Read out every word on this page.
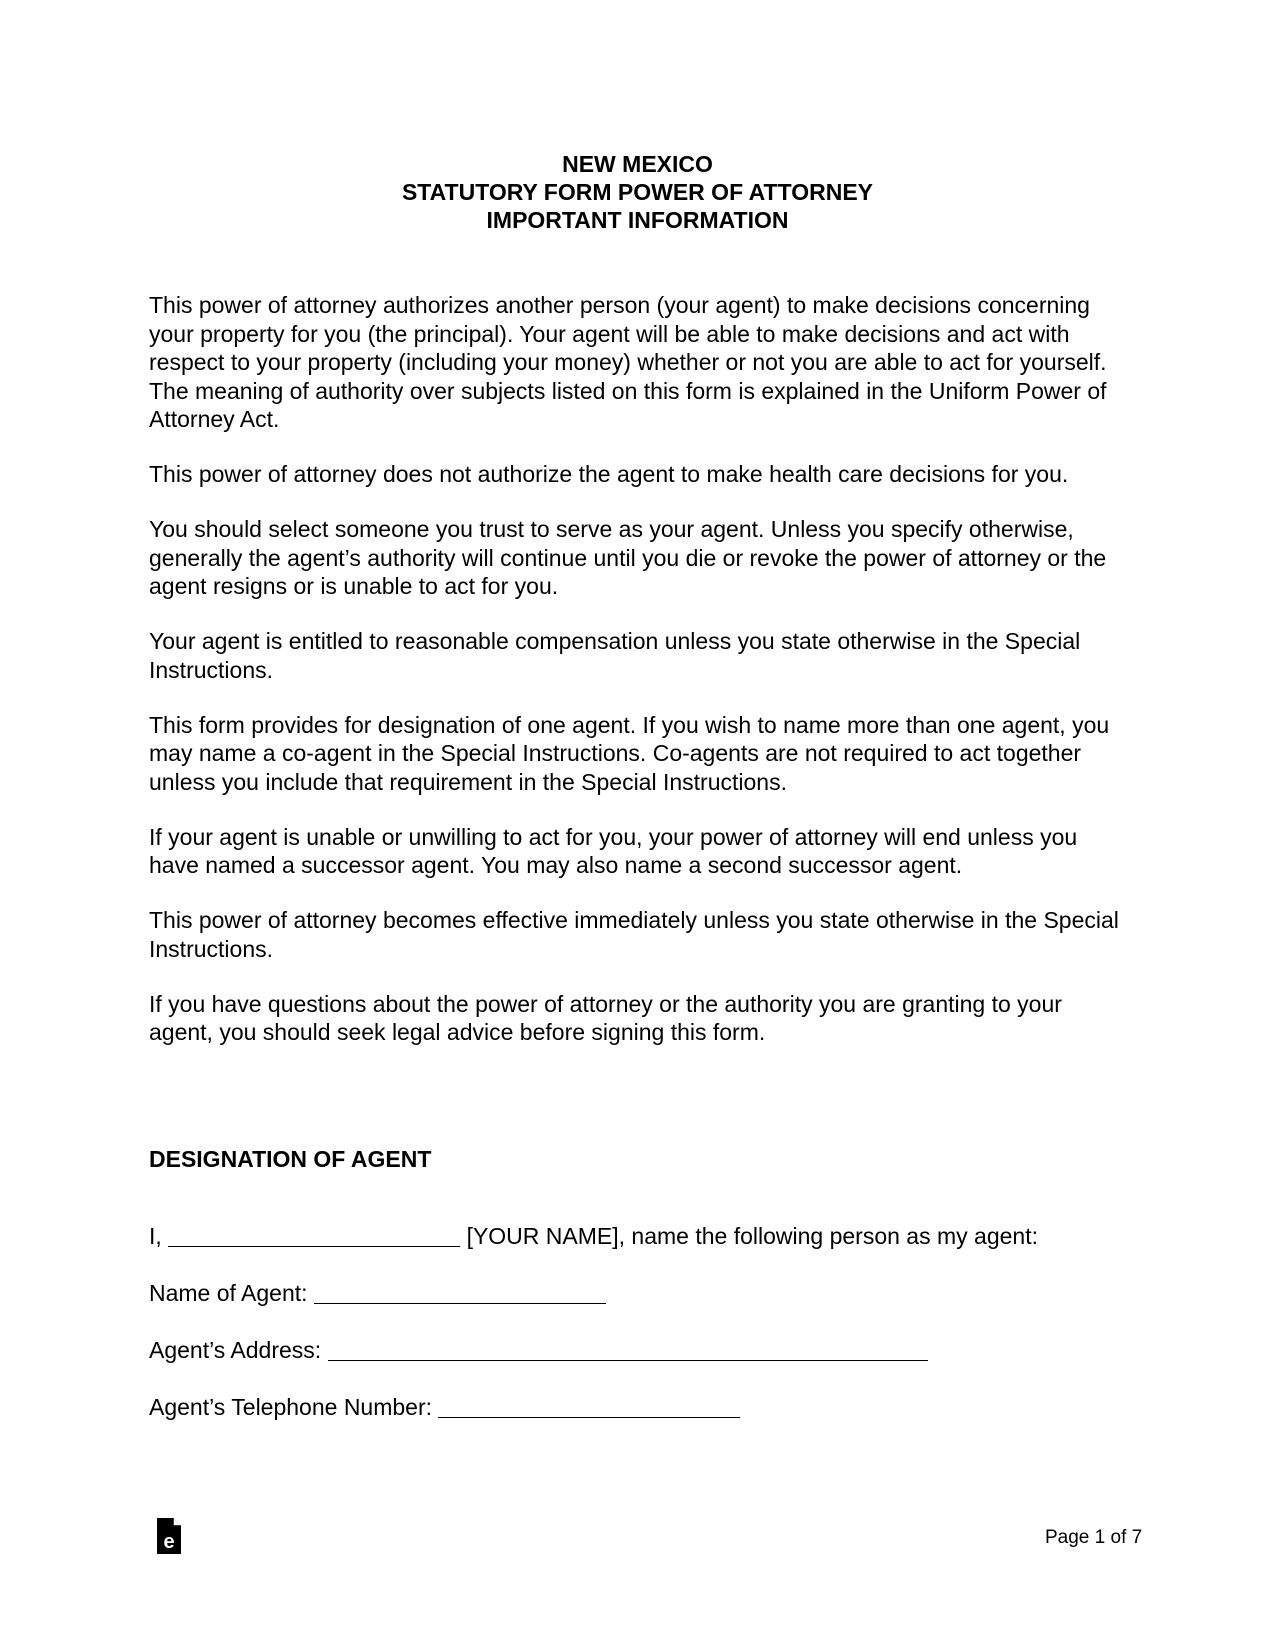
NEW MEXICO
STATUTORY FORM POWER OF ATTORNEY
IMPORTANT INFORMATION

This power of attorney authorizes another person (your agent) to make decisions concerning your property for you (the principal). Your agent will be able to make decisions and act with respect to your property (including your money) whether or not you are able to act for yourself. The meaning of authority over subjects listed on this form is explained in the Uniform Power of Attorney Act.

This power of attorney does not authorize the agent to make health care decisions for you.

You should select someone you trust to serve as your agent. Unless you specify otherwise, generally the agent’s authority will continue until you die or revoke the power of attorney or the agent resigns or is unable to act for you.

Your agent is entitled to reasonable compensation unless you state otherwise in the Special Instructions.

This form provides for designation of one agent. If you wish to name more than one agent, you may name a co-agent in the Special Instructions. Co-agents are not required to act together unless you include that requirement in the Special Instructions.

If your agent is unable or unwilling to act for you, your power of attorney will end unless you have named a successor agent. You may also name a second successor agent.

This power of attorney becomes effective immediately unless you state otherwise in the Special Instructions.

If you have questions about the power of attorney or the authority you are granting to your agent, you should seek legal advice before signing this form.

DESIGNATION OF AGENT
I,	[YOUR NAME], name the following person as my agent:
Name of Agent:
Agent’s Address:
Agent’s Telephone Number:
e	Page 1 of 7
